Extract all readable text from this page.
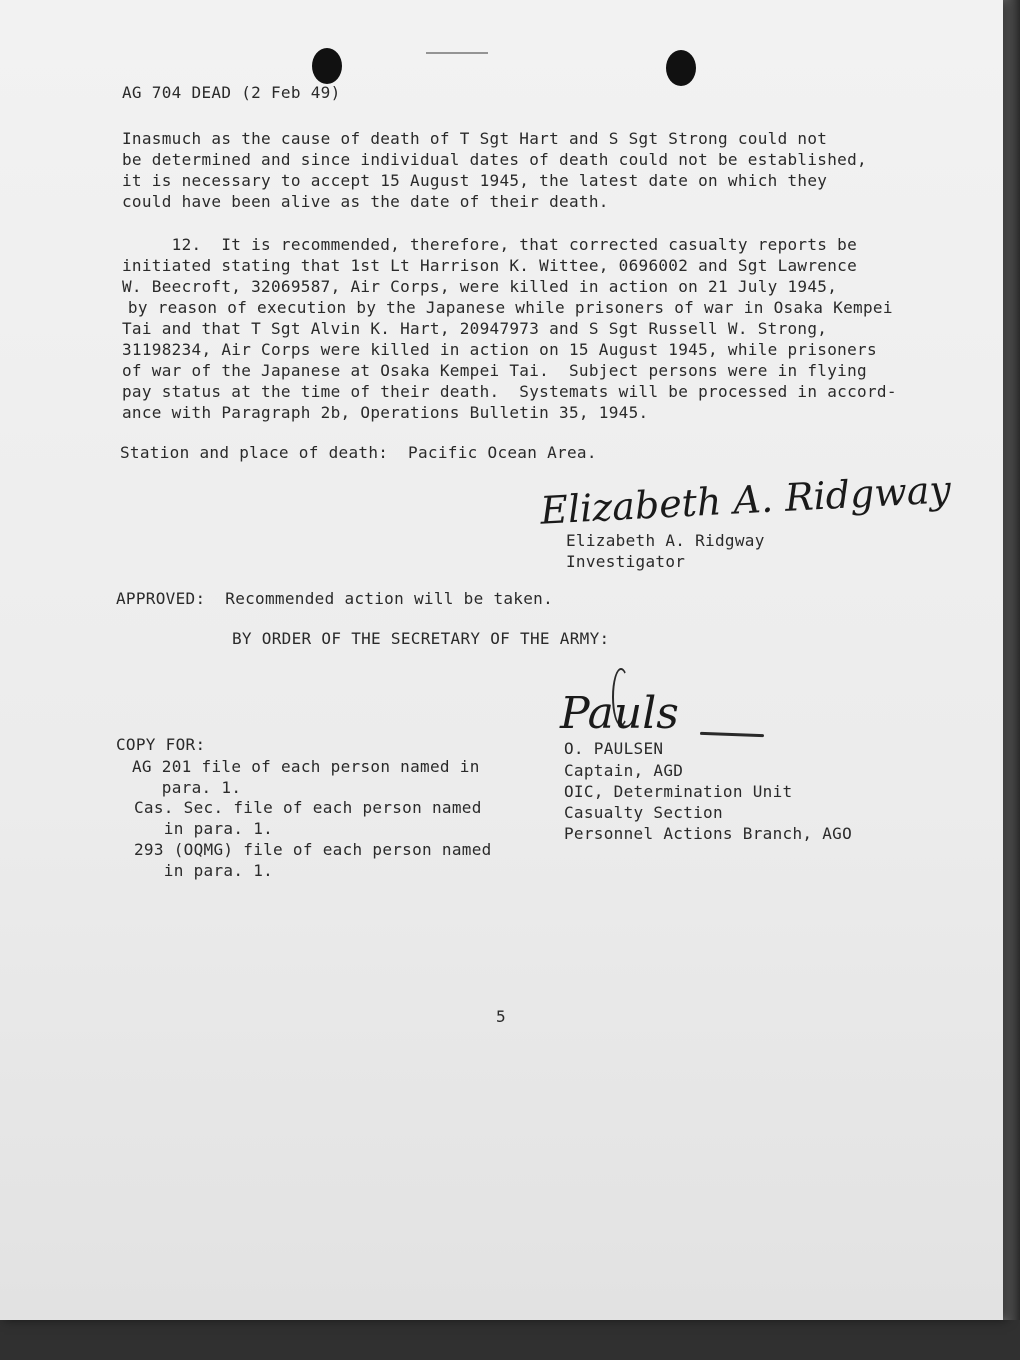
AG 704 DEAD (2 Feb 49)
Inasmuch as the cause of death of T Sgt Hart and S Sgt Strong could not
be determined and since individual dates of death could not be established,
it is necessary to accept 15 August 1945, the latest date on which they
could have been alive as the date of their death.
12.  It is recommended, therefore, that corrected casualty reports be
initiated stating that 1st Lt Harrison K. Wittee, 0696002 and Sgt Lawrence
W. Beecroft, 32069587, Air Corps, were killed in action on 21 July 1945,
by reason of execution by the Japanese while prisoners of war in Osaka Kempei
Tai and that T Sgt Alvin K. Hart, 20947973 and S Sgt Russell W. Strong,
31198234, Air Corps were killed in action on 15 August 1945, while prisoners
of war of the Japanese at Osaka Kempei Tai.  Subject persons were in flying
pay status at the time of their death.  Systemats will be processed in accord-
ance with Paragraph 2b, Operations Bulletin 35, 1945.
Station and place of death:  Pacific Ocean Area.
Elizabeth A. Ridgway
Elizabeth A. Ridgway
Investigator
APPROVED:  Recommended action will be taken.
BY ORDER OF THE SECRETARY OF THE ARMY:
Pauls
COPY FOR:
AG 201 file of each person named in
para. 1.
Cas. Sec. file of each person named
in para. 1.
293 (OQMG) file of each person named
in para. 1.
O. PAULSEN
Captain, AGD
OIC, Determination Unit
Casualty Section
Personnel Actions Branch, AGO
5
